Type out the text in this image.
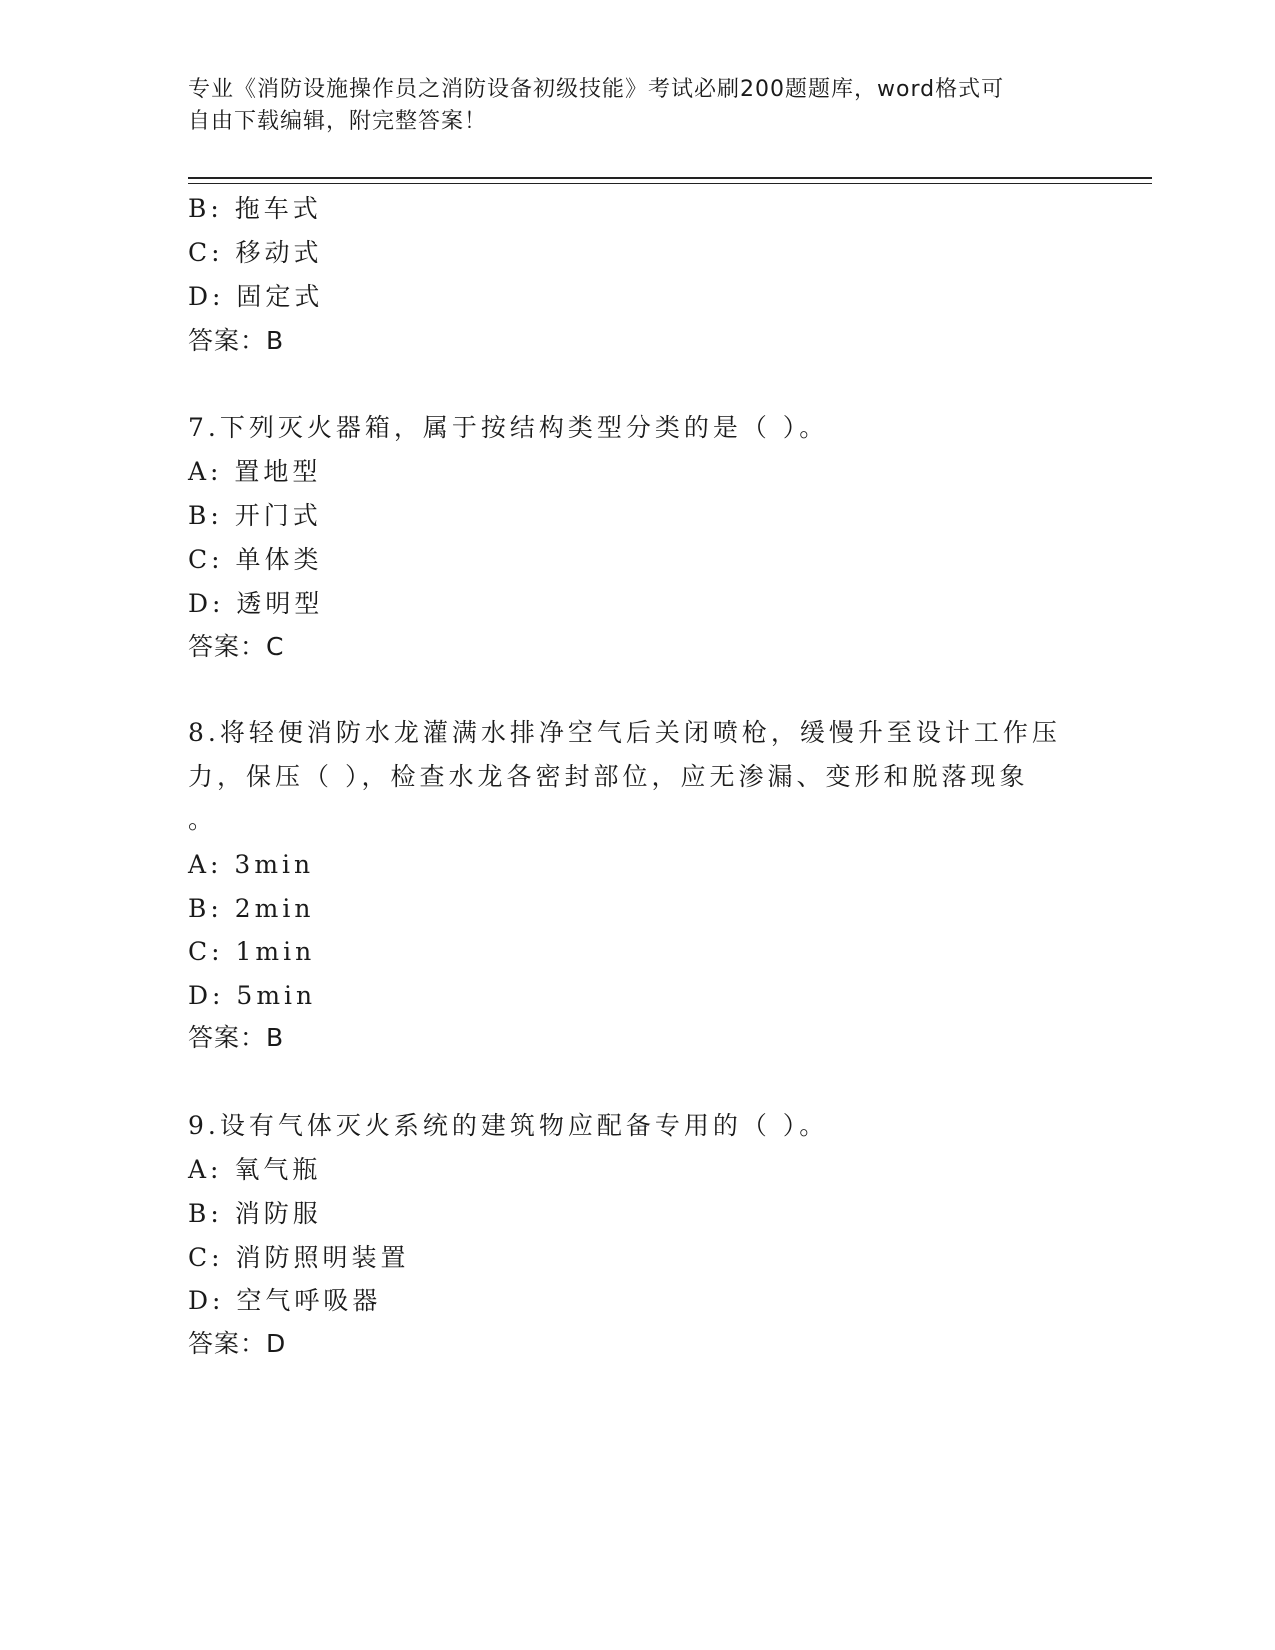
专业《消防设施操作员之消防设备初级技能》考试必刷200题题库，word格式可
自由下载编辑，附完整答案！
B: 拖车式
C: 移动式
D: 固定式
答案：B
7.下列灭火器箱，属于按结构类型分类的是（ ）。
A: 置地型
B: 开门式
C: 单体类
D: 透明型
答案：C
8.将轻便消防水龙灌满水排净空气后关闭喷枪，缓慢升至设计工作压
力，保压（ ），检查水龙各密封部位，应无渗漏、变形和脱落现象
。
A: 3min
B: 2min
C: 1min
D: 5min
答案：B
9.设有气体灭火系统的建筑物应配备专用的（ ）。
A: 氧气瓶
B: 消防服
C: 消防照明装置
D: 空气呼吸器
答案：D
